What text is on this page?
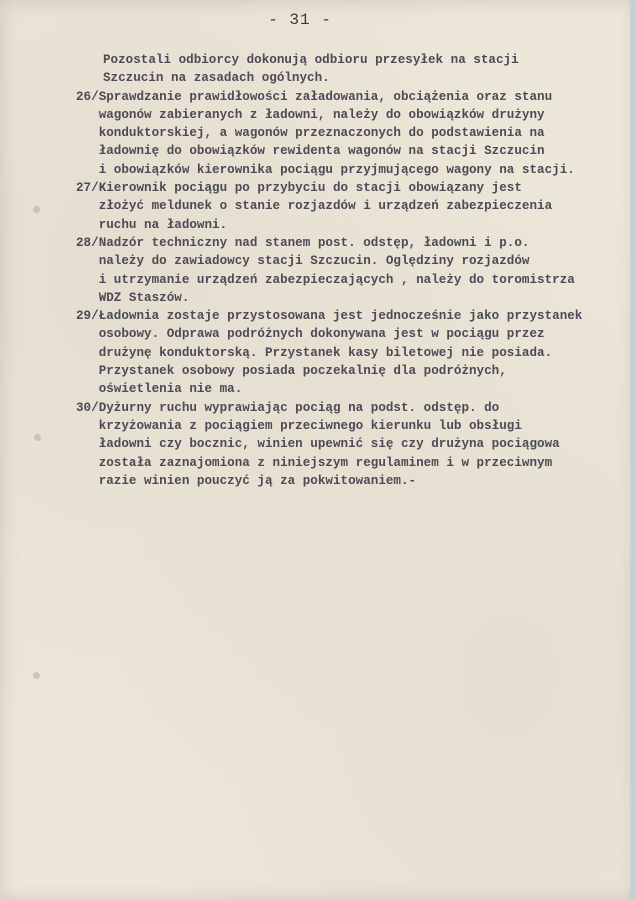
- 31 -
Pozostali odbiorcy dokonują odbioru przesyłek na stacji
Szczucin na zasadach ogólnych.
26/ Sprawdzanie prawidłowości załadowania, obciążenia oraz stanu
wagonów zabieranych z ładowni, należy do obowiązków drużyny
konduktorskiej, a wagonów przeznaczonych do podstawienia na
ładownię do obowiązków rewidenta wagonów na stacji Szczucin
i obowiązków kierownika pociągu przyjmującego wagony na stacji.
27/ Kierownik pociągu po przybyciu do stacji obowiązany jest
złożyć meldunek o stanie rozjazdów i urządzeń zabezpieczenia
ruchu na ładowni.
28/ Nadzór techniczny nad stanem post. odstęp, ładowni i p.o.
należy do zawiadowcy stacji Szczucin. Oględziny rozjazdów
i utrzymanie urządzeń zabezpieczających , należy do toromistrza
WDZ Staszów.
29/ Ładownia zostaje przystosowana jest jednocześnie jako przystanek
osobowy. Odprawa podróżnych dokonywana jest w pociągu przez
drużynę konduktorską. Przystanek kasy biletowej nie posiada.
Przystanek osobowy posiada poczekalnię dla podróżnych,
oświetlenia nie ma.
30/ Dyżurny ruchu wyprawiając pociąg na podst. odstęp. do
krzyżowania z pociągiem przeciwnego kierunku lub obsługi
ładowni czy bocznic, winien upewnić się czy drużyna pociągowa
została zaznajomiona z niniejszym regulaminem i w przeciwnym
razie winien pouczyć ją za pokwitowaniem.-
